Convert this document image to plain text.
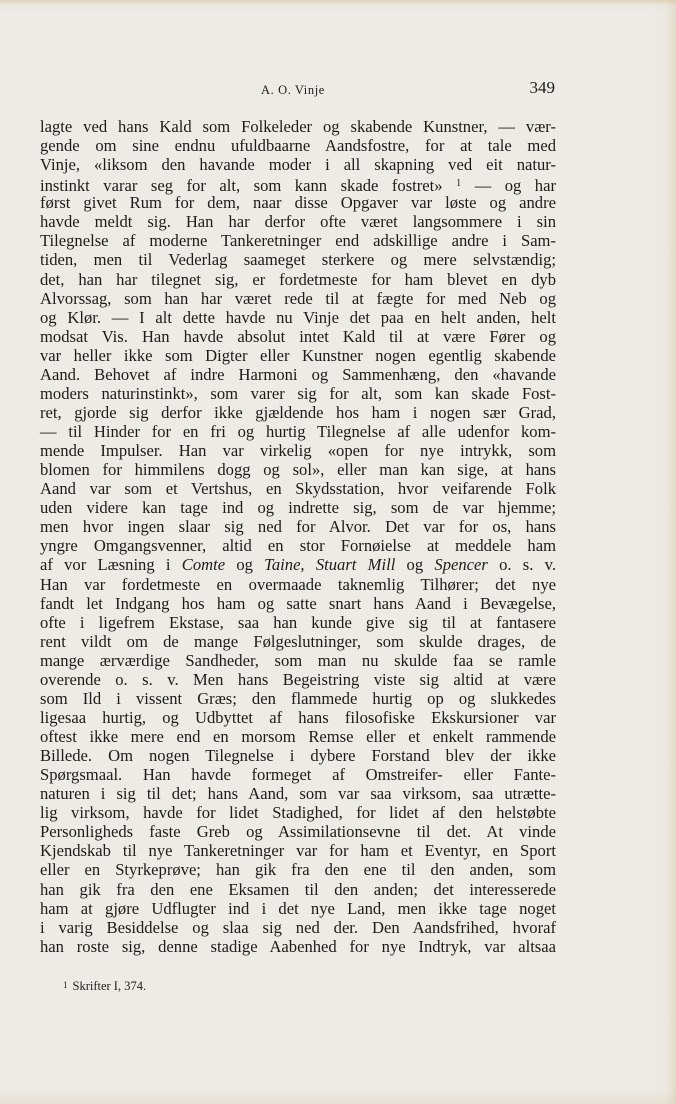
A. O. Vinje	349
lagte ved hans Kald som Folkeleder og skabende Kunstner, — vær-
gende om sine endnu ufuldbaarne Aandsfostre, for at tale med
Vinje, «liksom den havande moder i all skapning ved eit natur-
instinkt varar seg for alt, som kann skade fostret» $^1$ — og har
først givet Rum for dem, naar disse Opgaver var løste og andre
havde meldt sig. Han har derfor ofte været langsommere i sin
Tilegnelse af moderne Tankeretninger end adskillige andre i Sam-
tiden, men til Vederlag saameget sterkere og mere selvstændig;
det, han har tilegnet sig, er fordetmeste for ham blevet en dyb
Alvorssag, som han har været rede til at fægte for med Neb og
og Klør. — I alt dette havde nu Vinje det paa en helt anden, helt
modsat Vis. Han havde absolut intet Kald til at være Fører og
var heller ikke som Digter eller Kunstner nogen egentlig skabende
Aand. Behovet af indre Harmoni og Sammenhæng, den «havande
moders naturinstinkt», som varer sig for alt, som kan skade Fost-
ret, gjorde sig derfor ikke gjældende hos ham i nogen sær Grad,
— til Hinder for en fri og hurtig Tilegnelse af alle udenfor kom-
mende Impulser. Han var virkelig «open for nye intrykk, som
blomen for himmilens dogg og sol», eller man kan sige, at hans
Aand var som et Vertshus, en Skydsstation, hvor veifarende Folk
uden videre kan tage ind og indrette sig, som de var hjemme;
men hvor ingen slaar sig ned for Alvor. Det var for os, hans
yngre Omgangsvenner, altid en stor Fornøielse at meddele ham
af vor Læsning i Comte og Taine, Stuart Mill og Spencer o. s. v.
Han var fordetmeste en overmaade taknemlig Tilhører; det nye
fandt let Indgang hos ham og satte snart hans Aand i Bevægelse,
ofte i ligefrem Ekstase, saa han kunde give sig til at fantasere
rent vildt om de mange Følgeslutninger, som skulde drages, de
mange ærværdige Sandheder, som man nu skulde faa se ramle
overende o. s. v. Men hans Begeistring viste sig altid at være
som Ild i vissent Græs; den flammede hurtig op og slukkedes
ligesaa hurtig, og Udbyttet af hans filosofiske Ekskursioner var
oftest ikke mere end en morsom Remse eller et enkelt rammende
Billede. Om nogen Tilegnelse i dybere Forstand blev der ikke
Spørgsmaal. Han havde formeget af Omstreifer- eller Fante-
naturen i sig til det; hans Aand, som var saa virksom, saa utrætte-
lig virksom, havde for lidet Stadighed, for lidet af den helstøbte
Personligheds faste Greb og Assimilationsevne til det. At vinde
Kjendskab til nye Tankeretninger var for ham et Eventyr, en Sport
eller en Styrkeprøve; han gik fra den ene til den anden, som
han gik fra den ene Eksamen til den anden; det interesserede
ham at gjøre Udflugter ind i det nye Land, men ikke tage noget
i varig Besiddelse og slaa sig ned der. Den Aandsfrihed, hvoraf
han roste sig, denne stadige Aabenhed for nye Indtryk, var altsaa
1 Skrifter I, 374.
